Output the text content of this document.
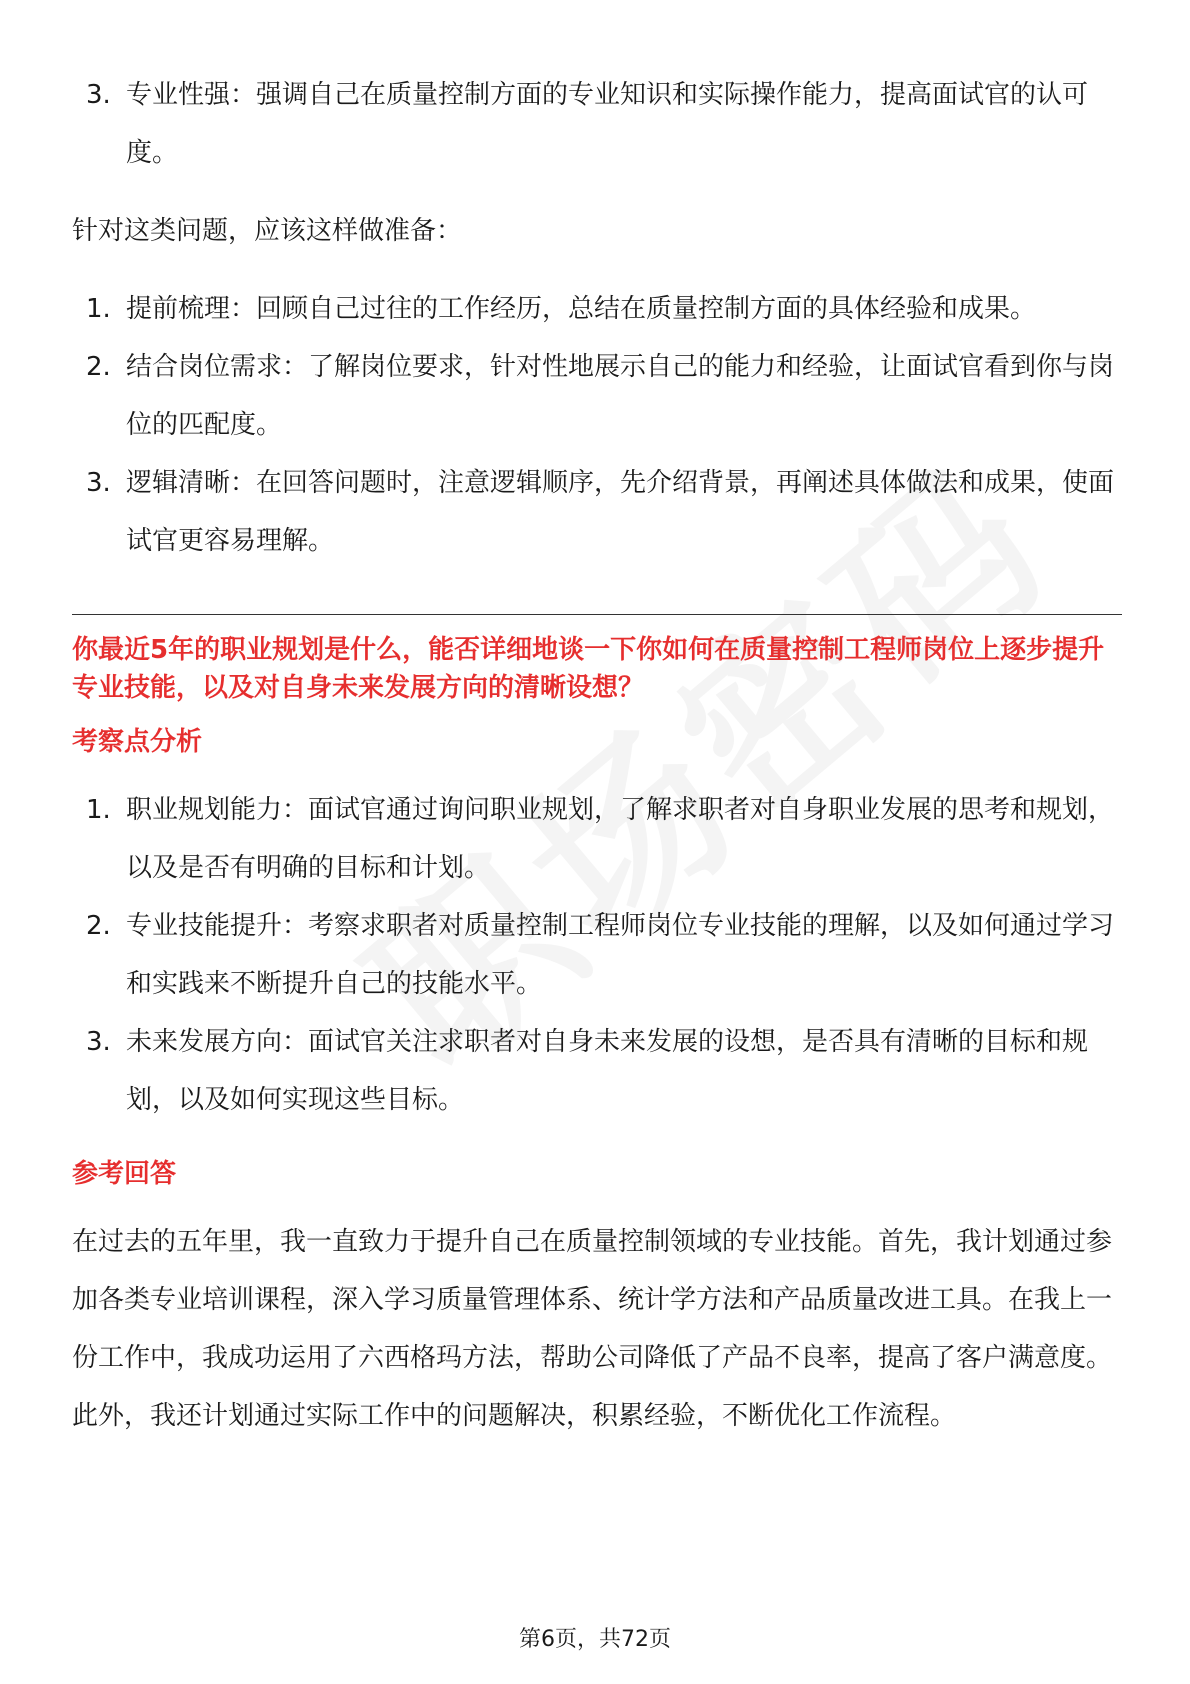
3. 专业性强：强调自己在质量控制方面的专业知识和实际操作能力，提高面试官的认可度。

针对这类问题，应该这样做准备：

1. 提前梳理：回顾自己过往的工作经历，总结在质量控制方面的具体经验和成果。
2. 结合岗位需求：了解岗位要求，针对性地展示自己的能力和经验，让面试官看到你与岗位的匹配度。
3. 逻辑清晰：在回答问题时，注意逻辑顺序，先介绍背景，再阐述具体做法和成果，使面试官更容易理解。

你最近5年的职业规划是什么，能否详细地谈一下你如何在质量控制工程师岗位上逐步提升专业技能，以及对自身未来发展方向的清晰设想？

考察点分析

1. 职业规划能力：面试官通过询问职业规划，了解求职者对自身职业发展的思考和规划，以及是否有明确的目标和计划。
2. 专业技能提升：考察求职者对质量控制工程师岗位专业技能的理解，以及如何通过学习和实践来不断提升自己的技能水平。
3. 未来发展方向：面试官关注求职者对自身未来发展的设想，是否具有清晰的目标和规划，以及如何实现这些目标。

参考回答

在过去的五年里，我一直致力于提升自己在质量控制领域的专业技能。首先，我计划通过参加各类专业培训课程，深入学习质量管理体系、统计学方法和产品质量改进工具。在我上一份工作中，我成功运用了六西格玛方法，帮助公司降低了产品不良率，提高了客户满意度。此外，我还计划通过实际工作中的问题解决，积累经验，不断优化工作流程。

第6页，共72页
